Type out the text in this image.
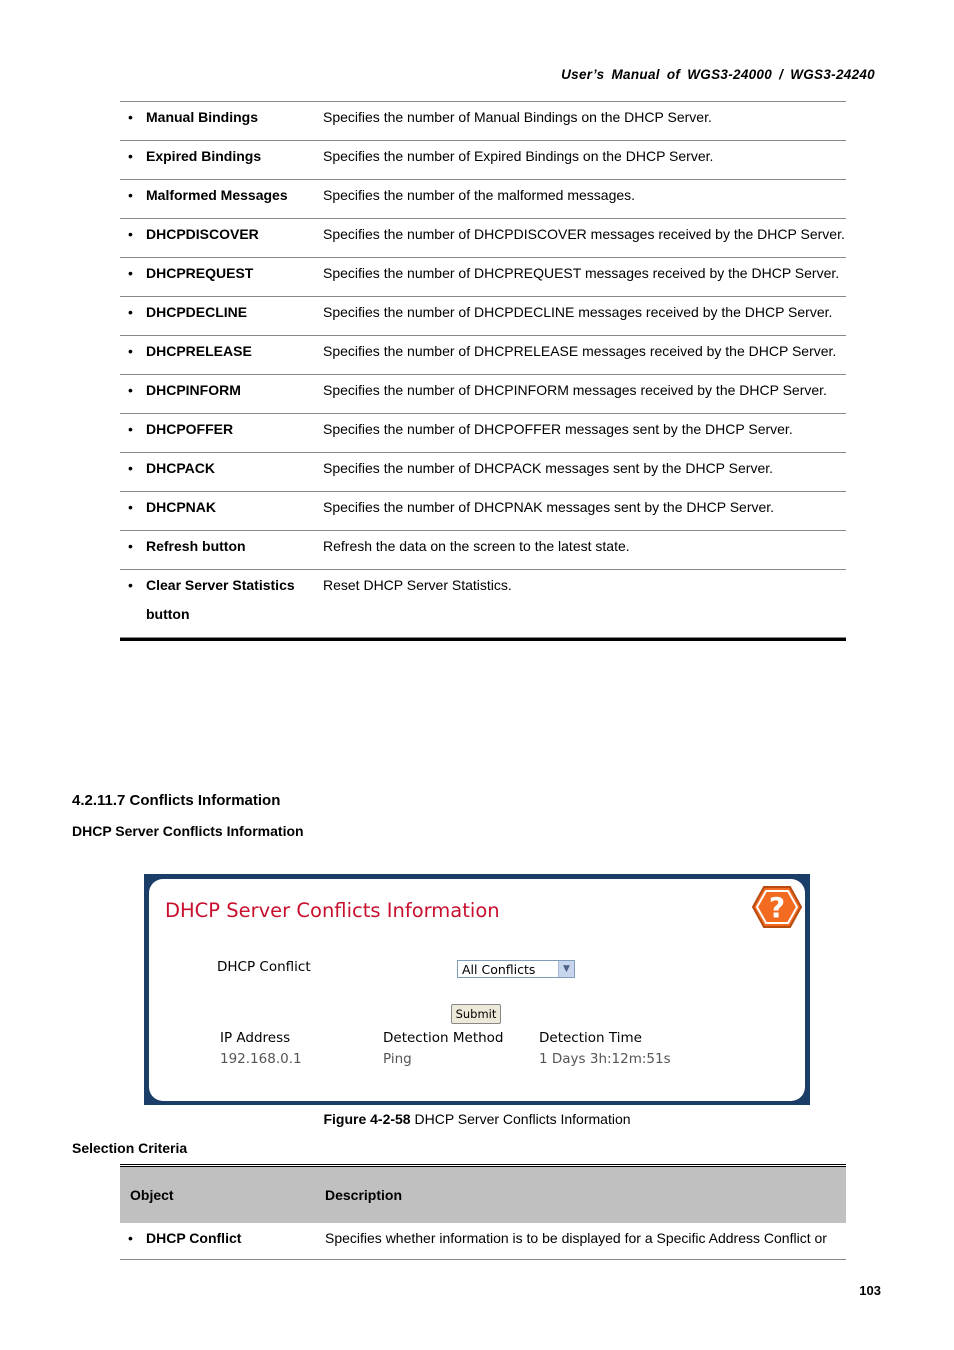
User’s Manual of WGS3-24000 / WGS3-24240
• Manual Bindings	Specifies the number of Manual Bindings on the DHCP Server.

• Expired Bindings	Specifies the number of Expired Bindings on the DHCP Server.

• Malformed Messages	Specifies the number of the malformed messages.

• DHCPDISCOVER	Specifies the number of DHCPDISCOVER messages received by the DHCP Server.

• DHCPREQUEST	Specifies the number of DHCPREQUEST messages received by the DHCP Server.

• DHCPDECLINE	Specifies the number of DHCPDECLINE messages received by the DHCP Server.

• DHCPRELEASE	Specifies the number of DHCPRELEASE messages received by the DHCP Server.

• DHCPINFORM	Specifies the number of DHCPINFORM messages received by the DHCP Server.

• DHCPOFFER	Specifies the number of DHCPOFFER messages sent by the DHCP Server.

• DHCPACK	Specifies the number of DHCPACK messages sent by the DHCP Server.

• DHCPNAK	Specifies the number of DHCPNAK messages sent by the DHCP Server.

• Refresh button	Refresh the data on the screen to the latest state.

• Clear Server Statistics button	Reset DHCP Server Statistics.
4.2.11.7 Conflicts Information
DHCP Server Conflicts Information
DHCP Server Conflicts Information	?
DHCP Conflict	All Conflicts	▼
Submit
IP Address	Detection Method	Detection Time
192.168.0.1	Ping	1 Days 3h:12m:51s
Figure 4-2-58 DHCP Server Conflicts Information
Selection Criteria
Object	Description

• DHCP Conflict	Specifies whether information is to be displayed for a Specific Address Conflict or
103
